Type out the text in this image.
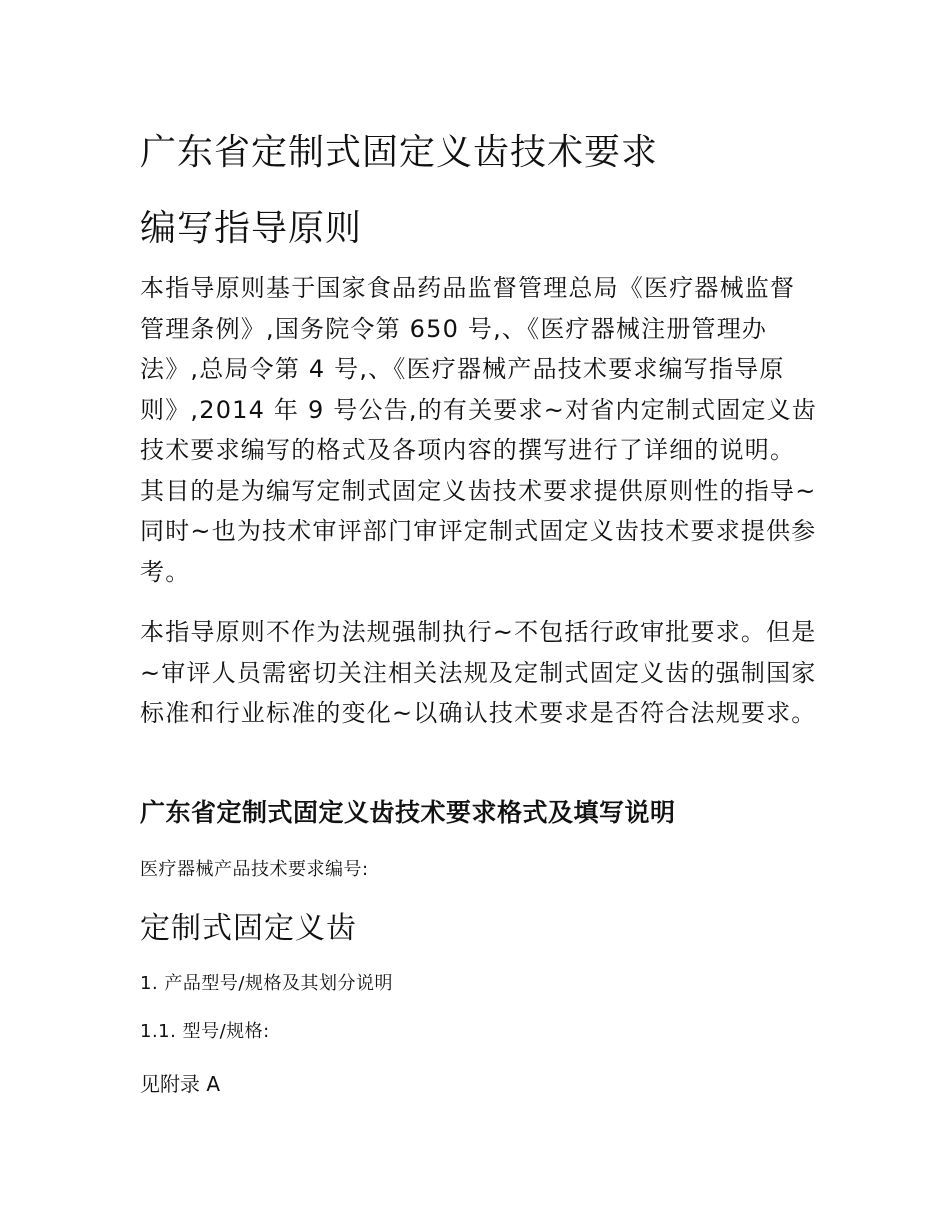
广东省定制式固定义齿技术要求
编写指导原则

本指导原则基于国家食品药品监督管理总局《医疗器械监督管理条例》,国务院令第 650 号,、《医疗器械注册管理办法》,总局令第 4 号,、《医疗器械产品技术要求编写指导原则》,2014 年 9 号公告,的有关要求~对省内定制式固定义齿技术要求编写的格式及各项内容的撰写进行了详细的说明。其目的是为编写定制式固定义齿技术要求提供原则性的指导~同时~也为技术审评部门审评定制式固定义齿技术要求提供参考。

本指导原则不作为法规强制执行~不包括行政审批要求。但是~审评人员需密切关注相关法规及定制式固定义齿的强制国家标准和行业标准的变化~以确认技术要求是否符合法规要求。

广东省定制式固定义齿技术要求格式及填写说明
医疗器械产品技术要求编号:
定制式固定义齿
1. 产品型号/规格及其划分说明
1.1. 型号/规格:
见附录 A
